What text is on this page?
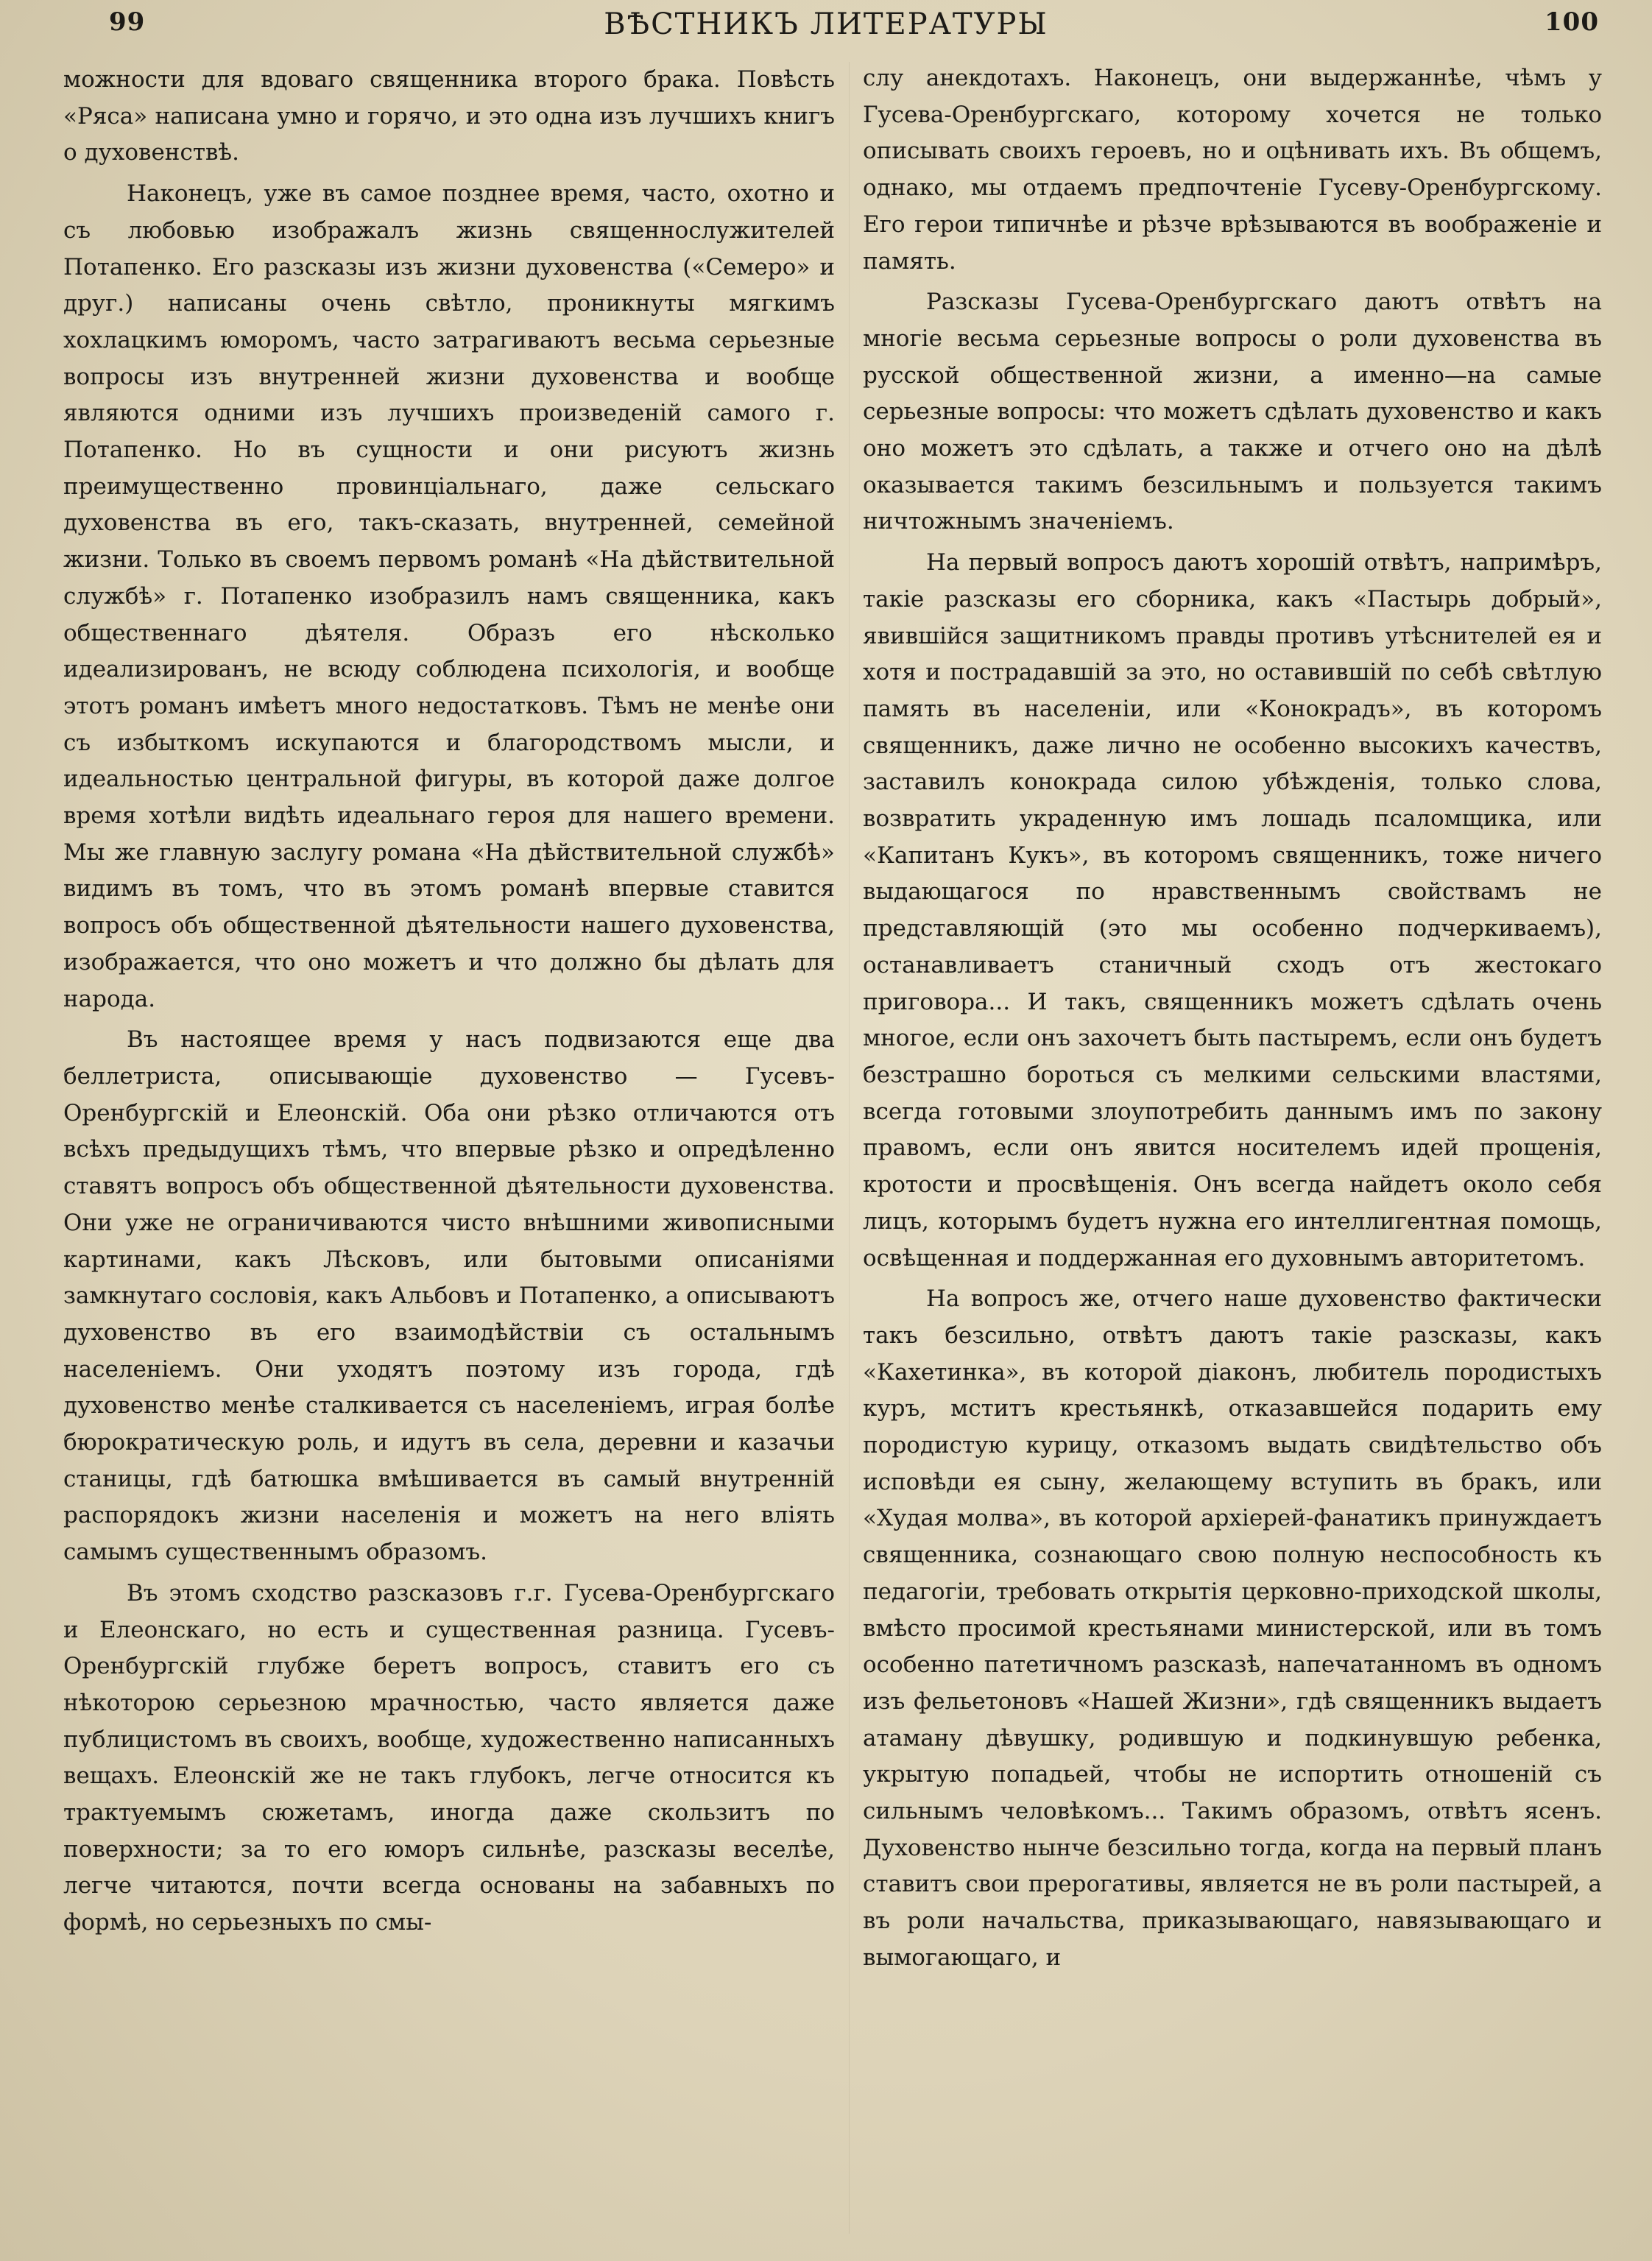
99	ВѢСТНИКЪ ЛИТЕРАТУРЫ	100

можности для вдоваго священника второго брака. Повѣсть «Ряса» написана умно и горячо, и это одна изъ лучшихъ книгъ о духовенствѣ.

Наконецъ, уже въ самое позднее время, часто, охотно и съ любовью изображалъ жизнь священнослужителей Потапенко. Его разсказы изъ жизни духовенства («Семеро» и друг.) написаны очень свѣтло, проникнуты мягкимъ хохлацкимъ юморомъ, часто затрагиваютъ весьма серьезные вопросы изъ внутренней жизни духовенства и вообще являются одними изъ лучшихъ произведеній самого г. Потапенко. Но въ сущности и они рисуютъ жизнь преимущественно провинціальнаго, даже сельскаго духовенства въ его, такъ-сказать, внутренней, семейной жизни. Только въ своемъ первомъ романѣ «На дѣйствительной службѣ» г. Потапенко изобразилъ намъ священника, какъ общественнаго дѣятеля. Образъ его нѣсколько идеализированъ, не всюду соблюдена психологія, и вообще этотъ романъ имѣетъ много недостатковъ. Тѣмъ не менѣе они съ избыткомъ искупаются и благородствомъ мысли, и идеальностью центральной фигуры, въ которой даже долгое время хотѣли видѣть идеальнаго героя для нашего времени. Мы же главную заслугу романа «На дѣйствительной службѣ» видимъ въ томъ, что въ этомъ романѣ впервые ставится вопросъ объ общественной дѣятельности нашего духовенства, изображается, что оно можетъ и что должно бы дѣлать для народа.

Въ настоящее время у насъ подвизаются еще два беллетриста, описывающіе духовенство — Гусевъ-Оренбургскій и Елеонскій. Оба они рѣзко отличаются отъ всѣхъ предыдущихъ тѣмъ, что впервые рѣзко и опредѣленно ставятъ вопросъ объ общественной дѣятельности духовенства. Они уже не ограничиваются чисто внѣшними живописными картинами, какъ Лѣсковъ, или бытовыми описаніями замкнутаго сословія, какъ Альбовъ и Потапенко, а описываютъ духовенство въ его взаимодѣйствіи съ остальнымъ населеніемъ. Они уходятъ поэтому изъ города, гдѣ духовенство менѣе сталкивается съ населеніемъ, играя болѣе бюрократическую роль, и идутъ въ села, деревни и казачьи станицы, гдѣ батюшка вмѣшивается въ самый внутренній распорядокъ жизни населенія и можетъ на него вліять самымъ существеннымъ образомъ.

Въ этомъ сходство разсказовъ г.г. Гусева-Оренбургскаго и Елеонскаго, но есть и существенная разница. Гусевъ-Оренбургскій глубже беретъ вопросъ, ставитъ его съ нѣкоторою серьезною мрачностью, часто является даже публицистомъ въ своихъ, вообще, художественно написанныхъ вещахъ. Елеонскій же не такъ глубокъ, легче относится къ трактуемымъ сюжетамъ, иногда даже скользитъ по поверхности; за то его юморъ сильнѣе, разсказы веселѣе, легче читаются, почти всегда основаны на забавныхъ по формѣ, но серьезныхъ по смы-

слу анекдотахъ. Наконецъ, они выдержаннѣе, чѣмъ у Гусева-Оренбургскаго, которому хочется не только описывать своихъ героевъ, но и оцѣнивать ихъ. Въ общемъ, однако, мы отдаемъ предпочтеніе Гусеву-Оренбургскому. Его герои типичнѣе и рѣзче врѣзываются въ воображеніе и память.

Разсказы Гусева-Оренбургскаго даютъ отвѣтъ на многіе весьма серьезные вопросы о роли духовенства въ русской общественной жизни, а именно—на самые серьезные вопросы: что можетъ сдѣлать духовенство и какъ оно можетъ это сдѣлать, а также и отчего оно на дѣлѣ оказывается такимъ безсильнымъ и пользуется такимъ ничтожнымъ значеніемъ.

На первый вопросъ даютъ хорошій отвѣтъ, напримѣръ, такіе разсказы его сборника, какъ «Пастырь добрый», явившійся защитникомъ правды противъ утѣснителей ея и хотя и пострадавшій за это, но оставившій по себѣ свѣтлую память въ населеніи, или «Конокрадъ», въ которомъ священникъ, даже лично не особенно высокихъ качествъ, заставилъ конокрада силою убѣжденія, только слова, возвратить украденную имъ лошадь псаломщика, или «Капитанъ Кукъ», въ которомъ священникъ, тоже ничего выдающагося по нравственнымъ свойствамъ не представляющій (это мы особенно подчеркиваемъ), останавливаетъ станичный сходъ отъ жестокаго приговора... И такъ, священникъ можетъ сдѣлать очень многое, если онъ захочетъ быть пастыремъ, если онъ будетъ безстрашно бороться съ мелкими сельскими властями, всегда готовыми злоупотребить даннымъ имъ по закону правомъ, если онъ явится носителемъ идей прощенія, кротости и просвѣщенія. Онъ всегда найдетъ около себя лицъ, которымъ будетъ нужна его интеллигентная помощь, освѣщенная и поддержанная его духовнымъ авторитетомъ.

На вопросъ же, отчего наше духовенство фактически такъ безсильно, отвѣтъ даютъ такіе разсказы, какъ «Кахетинка», въ которой діаконъ, любитель породистыхъ куръ, мститъ крестьянкѣ, отказавшейся подарить ему породистую курицу, отказомъ выдать свидѣтельство объ исповѣди ея сыну, желающему вступить въ бракъ, или «Худая молва», въ которой архіерей-фанатикъ принуждаетъ священника, сознающаго свою полную неспособность къ педагогіи, требовать открытія церковно-приходской школы, вмѣсто просимой крестьянами министерской, или въ томъ особенно патетичномъ разсказѣ, напечатанномъ въ одномъ изъ фельетоновъ «Нашей Жизни», гдѣ священникъ выдаетъ атаману дѣвушку, родившую и подкинувшую ребенка, укрытую попадьей, чтобы не испортить отношеній съ сильнымъ человѣкомъ... Такимъ образомъ, отвѣтъ ясенъ. Духовенство нынче безсильно тогда, когда на первый планъ ставитъ свои прерогативы, является не въ роли пастырей, а въ роли начальства, приказывающаго, навязывающаго и вымогающаго, и
